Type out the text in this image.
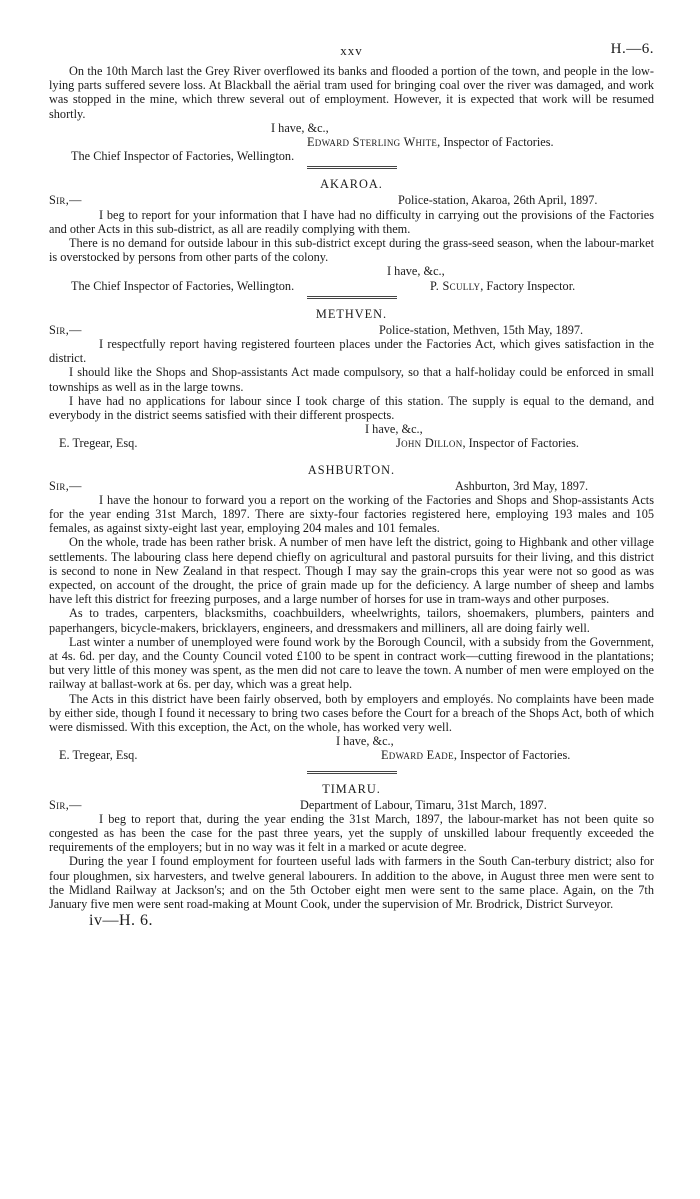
xxv	H.—6.

On the 10th March last the Grey River overflowed its banks and flooded a portion of the town, and people in the low-lying parts suffered severe loss. At Blackball the aërial tram used for bringing coal over the river was damaged, and work was stopped in the mine, which threw several out of employment. However, it is expected that work will be resumed shortly.

I have, &c.,
Edward Sterling White, Inspector of Factories.
The Chief Inspector of Factories, Wellington.
AKAROA.
Sir,—	Police-station, Akaroa, 26th April, 1897.

I beg to report for your information that I have had no difficulty in carrying out the provisions of the Factories and other Acts in this sub-district, as all are readily complying with them.

There is no demand for outside labour in this sub-district except during the grass-seed season, when the labour-market is overstocked by persons from other parts of the colony.

I have, &c.,
The Chief Inspector of Factories, Wellington.	P. Scully, Factory Inspector.
METHVEN.
Sir,—	Police-station, Methven, 15th May, 1897.

I respectfully report having registered fourteen places under the Factories Act, which gives satisfaction in the district.

I should like the Shops and Shop-assistants Act made compulsory, so that a half-holiday could be enforced in small townships as well as in the large towns.

I have had no applications for labour since I took charge of this station. The supply is equal to the demand, and everybody in the district seems satisfied with their different prospects.

I have, &c.,
E. Tregear, Esq.	John Dillon, Inspector of Factories.
ASHBURTON.
Sir,—	Ashburton, 3rd May, 1897.

I have the honour to forward you a report on the working of the Factories and Shops and Shop-assistants Acts for the year ending 31st March, 1897. There are sixty-four factories registered here, employing 193 males and 105 females, as against sixty-eight last year, employing 204 males and 101 females.

On the whole, trade has been rather brisk. A number of men have left the district, going to Highbank and other village settlements. The labouring class here depend chiefly on agricultural and pastoral pursuits for their living, and this district is second to none in New Zealand in that respect. Though I may say the grain-crops this year were not so good as was expected, on account of the drought, the price of grain made up for the deficiency. A large number of sheep and lambs have left this district for freezing purposes, and a large number of horses for use in tram-ways and other purposes.

As to trades, carpenters, blacksmiths, coachbuilders, wheelwrights, tailors, shoemakers, plumbers, painters and paperhangers, bicycle-makers, bricklayers, engineers, and dressmakers and milliners, all are doing fairly well.

Last winter a number of unemployed were found work by the Borough Council, with a subsidy from the Government, at 4s. 6d. per day, and the County Council voted £100 to be spent in contract work—cutting firewood in the plantations; but very little of this money was spent, as the men did not care to leave the town. A number of men were employed on the railway at ballast-work at 6s. per day, which was a great help.

The Acts in this district have been fairly observed, both by employers and employés. No complaints have been made by either side, though I found it necessary to bring two cases before the Court for a breach of the Shops Act, both of which were dismissed. With this exception, the Act, on the whole, has worked very well.

I have, &c.,
E. Tregear, Esq.	Edward Eade, Inspector of Factories.
TIMARU.
Sir,—	Department of Labour, Timaru, 31st March, 1897.

I beg to report that, during the year ending the 31st March, 1897, the labour-market has not been quite so congested as has been the case for the past three years, yet the supply of unskilled labour frequently exceeded the requirements of the employers; but in no way was it felt in a marked or acute degree.

During the year I found employment for fourteen useful lads with farmers in the South Can-terbury district; also for four ploughmen, six harvesters, and twelve general labourers. In addition to the above, in August three men were sent to the Midland Railway at Jackson's; and on the 5th October eight men were sent to the same place. Again, on the 7th January five men were sent road-making at Mount Cook, under the supervision of Mr. Brodrick, District Surveyor.

iv—H. 6.
